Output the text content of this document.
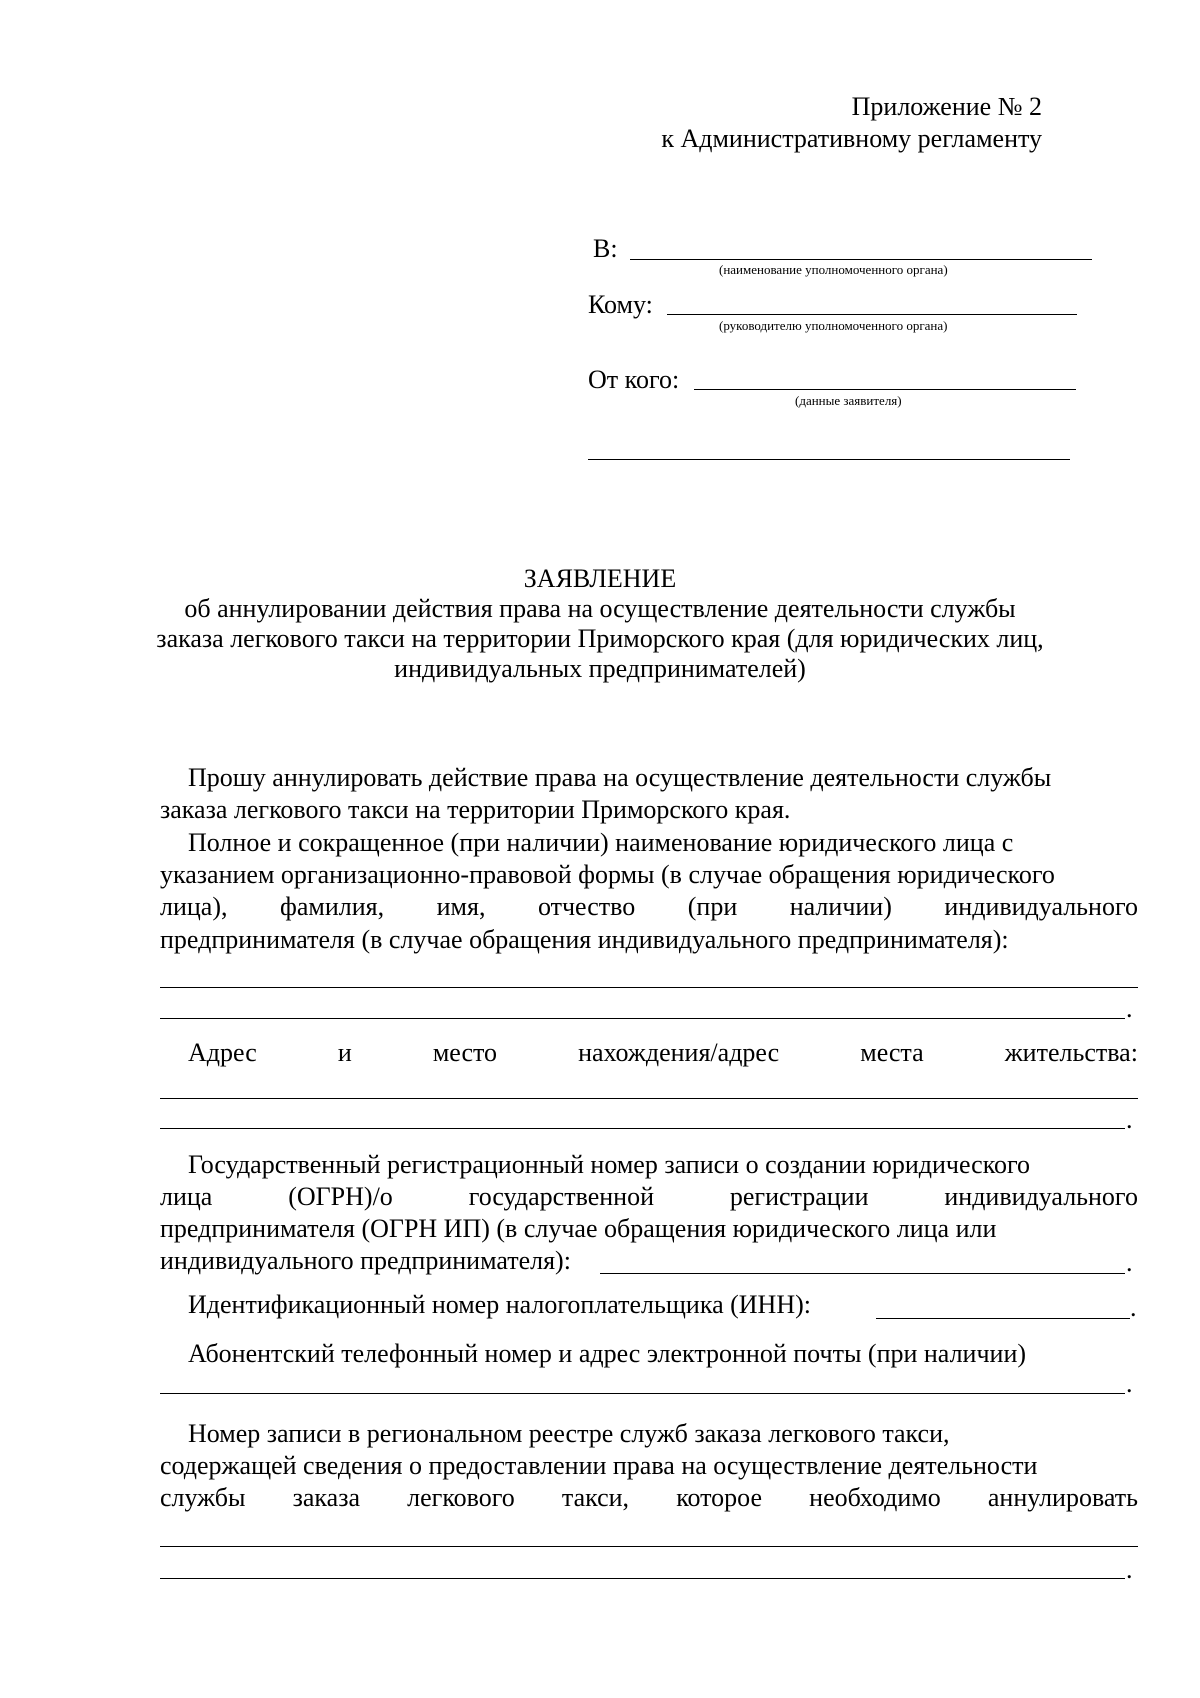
Приложение № 2
к Административному регламенту
В:
(наименование уполномоченного органа)
Кому:
(руководителю уполномоченного органа)
От кого:
(данные заявителя)
ЗАЯВЛЕНИЕ
об аннулировании действия права на осуществление деятельности службы
заказа легкового такси на территории Приморского края (для юридических лиц,
индивидуальных предпринимателей)
Прошу аннулировать действие права на осуществление деятельности службы
заказа легкового такси на территории Приморского края.
Полное и сокращенное (при наличии) наименование юридического лица с
указанием организационно-правовой формы (в случае обращения юридического
лица), фамилия, имя, отчество (при наличии) индивидуального
предпринимателя (в случае обращения индивидуального предпринимателя):
.
Адрес	и	место	нахождения/адрес	места	жительства:
.
Государственный регистрационный номер записи о создании юридического
лица	(ОГРН)/о	государственной	регистрации	индивидуального
предпринимателя (ОГРН ИП) (в случае обращения юридического лица или
индивидуального предпринимателя):	.
Идентификационный номер налогоплательщика (ИНН):	.
Абонентский телефонный номер и адрес электронной почты (при наличии)
.
Номер записи в региональном реестре служб заказа легкового такси,
содержащей сведения о предоставлении права на осуществление деятельности
службы заказа легкового такси, которое необходимо аннулировать
.
